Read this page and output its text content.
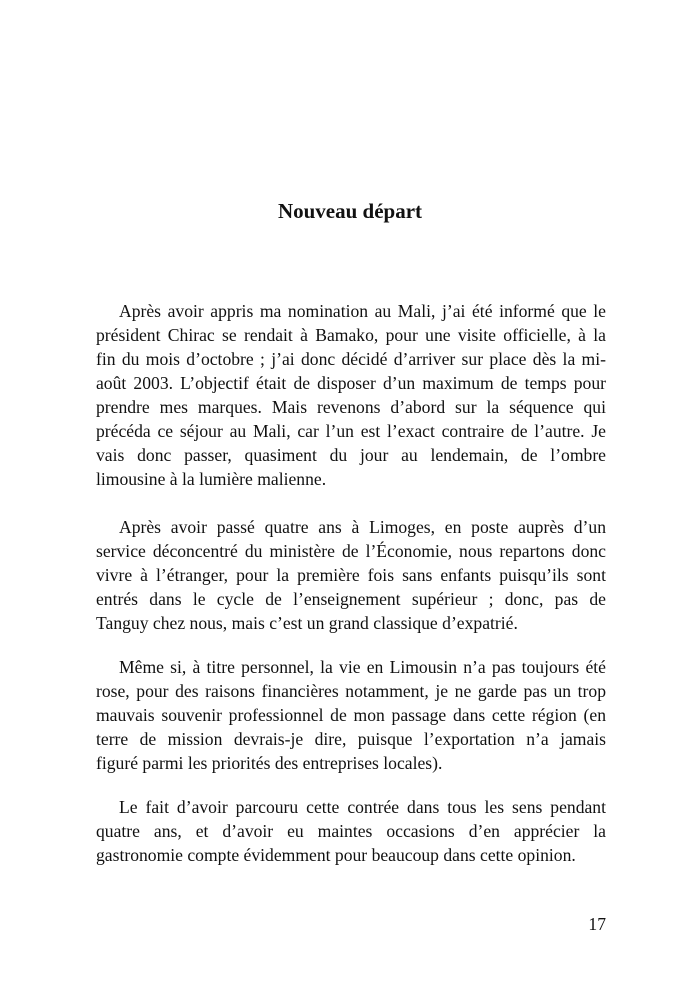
Nouveau départ
Après avoir appris ma nomination au Mali, j’ai été informé que le
président Chirac se rendait à Bamako, pour une visite officielle, à la
fin du mois d’octobre ; j’ai donc décidé d’arriver sur place dès la mi-
août 2003. L’objectif était de disposer d’un maximum de temps pour
prendre mes marques. Mais revenons d’abord sur la séquence qui
précéda ce séjour au Mali, car l’un est l’exact contraire de l’autre. Je
vais donc passer, quasiment du jour au lendemain, de l’ombre
limousine à la lumière malienne.
Après avoir passé quatre ans à Limoges, en poste auprès d’un
service déconcentré du ministère de l’Économie, nous repartons donc
vivre à l’étranger, pour la première fois sans enfants puisqu’ils sont
entrés dans le cycle de l’enseignement supérieur ; donc, pas de
Tanguy chez nous, mais c’est un grand classique d’expatrié.
Même si, à titre personnel, la vie en Limousin n’a pas toujours été
rose, pour des raisons financières notamment, je ne garde pas un trop
mauvais souvenir professionnel de mon passage dans cette région (en
terre de mission devrais-je dire, puisque l’exportation n’a jamais
figuré parmi les priorités des entreprises locales).
Le fait d’avoir parcouru cette contrée dans tous les sens pendant
quatre ans, et d’avoir eu maintes occasions d’en apprécier la
gastronomie compte évidemment pour beaucoup dans cette opinion.
17
